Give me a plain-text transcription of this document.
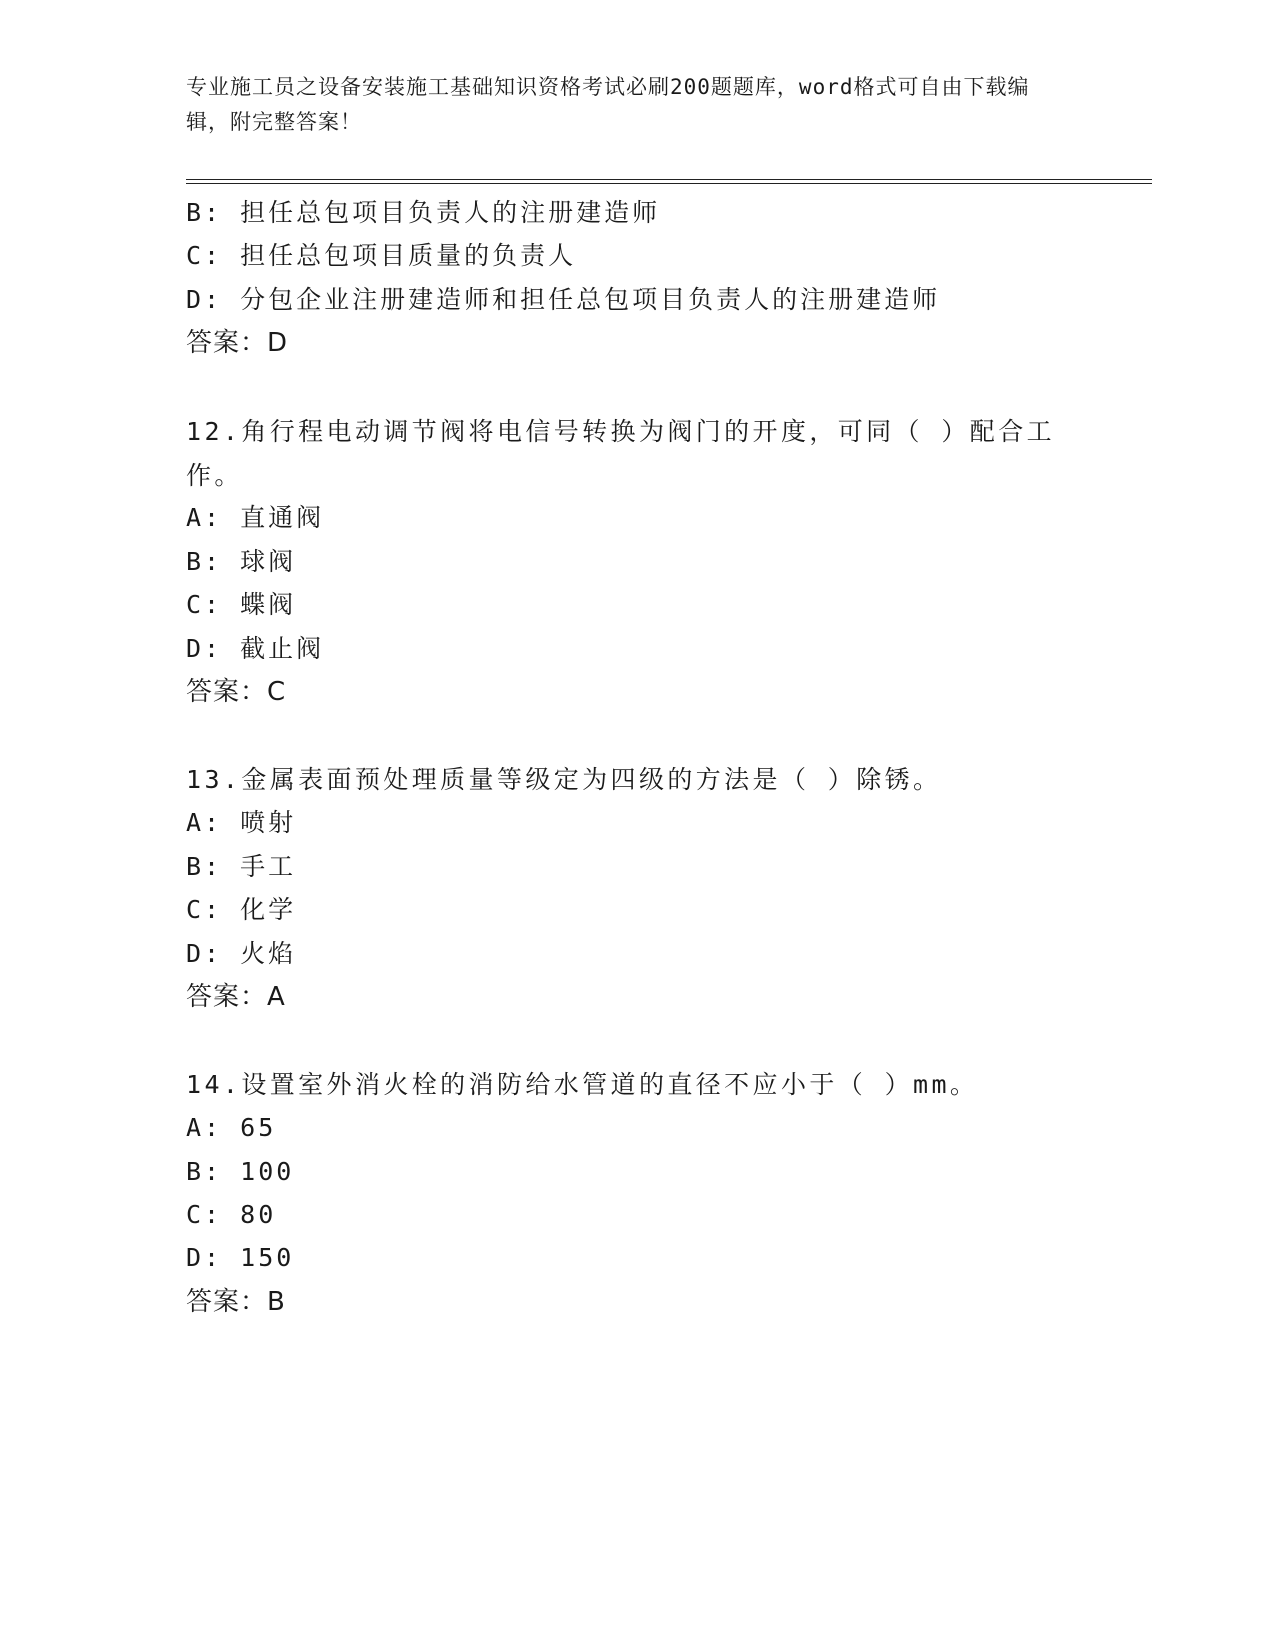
专业施工员之设备安装施工基础知识资格考试必刷200题题库，word格式可自由下载编辑，附完整答案！
B: 担任总包项目负责人的注册建造师
C: 担任总包项目质量的负责人
D: 分包企业注册建造师和担任总包项目负责人的注册建造师
答案：D
12.角行程电动调节阀将电信号转换为阀门的开度，可同（ ）配合工作。
A: 直通阀
B: 球阀
C: 蝶阀
D: 截止阀
答案：C
13.金属表面预处理质量等级定为四级的方法是（ ）除锈。
A: 喷射
B: 手工
C: 化学
D: 火焰
答案：A
14.设置室外消火栓的消防给水管道的直径不应小于（ ）mm。
A: 65
B: 100
C: 80
D: 150
答案：B
